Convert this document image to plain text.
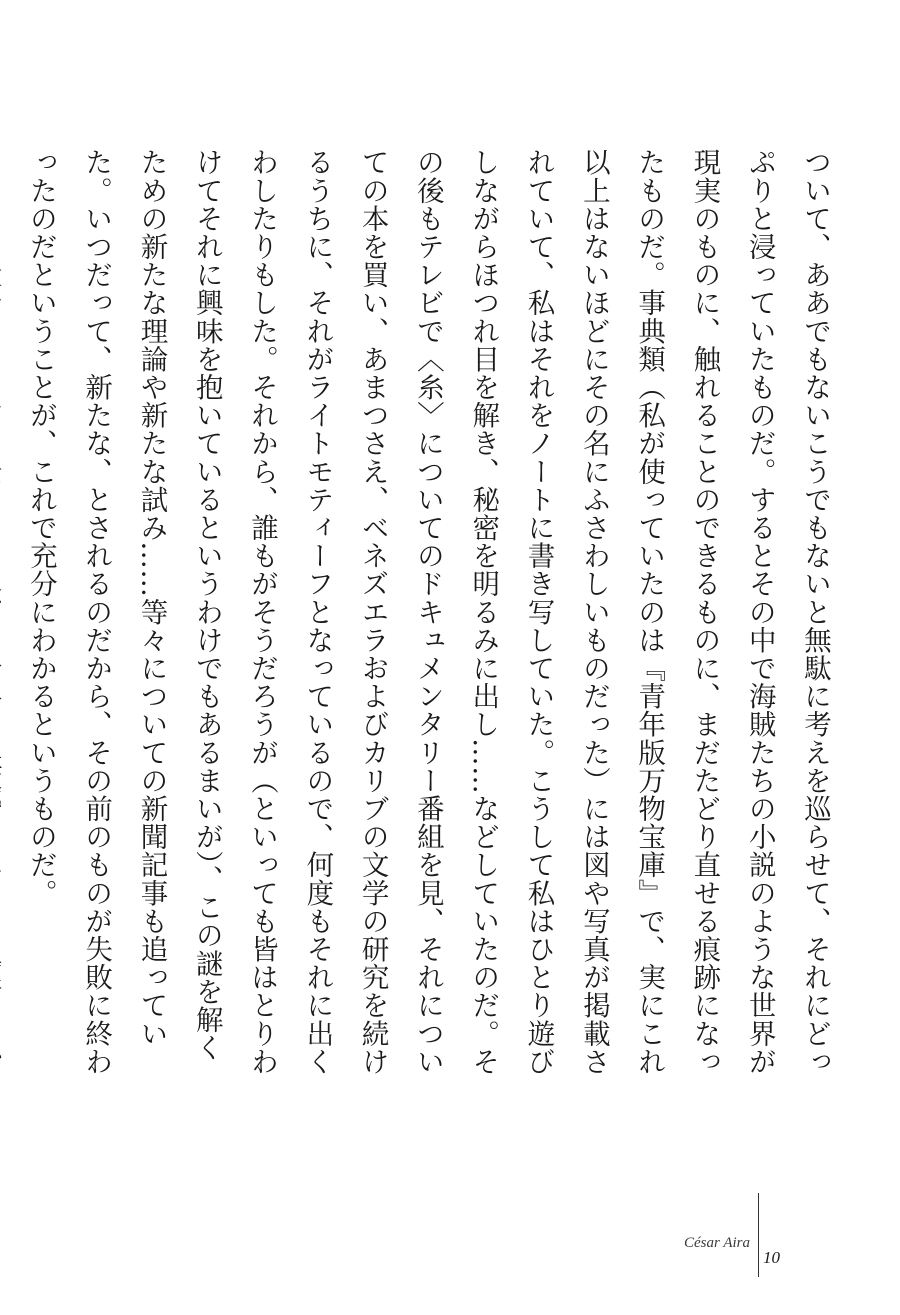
ついて、ああでもないこうでもないと無駄に考えを巡らせて、それにどっぷりと浸っていたものだ。するとその中で海賊たちの小説のような世界が現実のものに、触れることのできるものに、まだたどり直せる痕跡になったものだ。事典類（私が使っていたのは『青年版万物宝庫』で、実にこれ以上はないほどにその名にふさわしいものだった）には図や写真が掲載されていて、私はそれをノートに書き写していた。こうして私はひとり遊びしながらほつれ目を解き、秘密を明るみに出し……などしていたのだ。その後もテレビで〈糸〉についてのドキュメンタリー番組を見、それについての本を買い、あまつさえ、ベネズエラおよびカリブの文学の研究を続けるうちに、それがライトモティーフとなっているので、何度もそれに出くわしたりもした。それから、誰もがそうだろうが（といっても皆はとりわけてそれに興味を抱いているというわけでもあるまいが）、この謎を解くための新たな理論や新たな試み……等々についての新聞記事も追っていた。いつだって、新たな、とされるのだから、その前のものが失敗に終わったのだということが、これで充分にわかるというものだ。

César Aira
10
